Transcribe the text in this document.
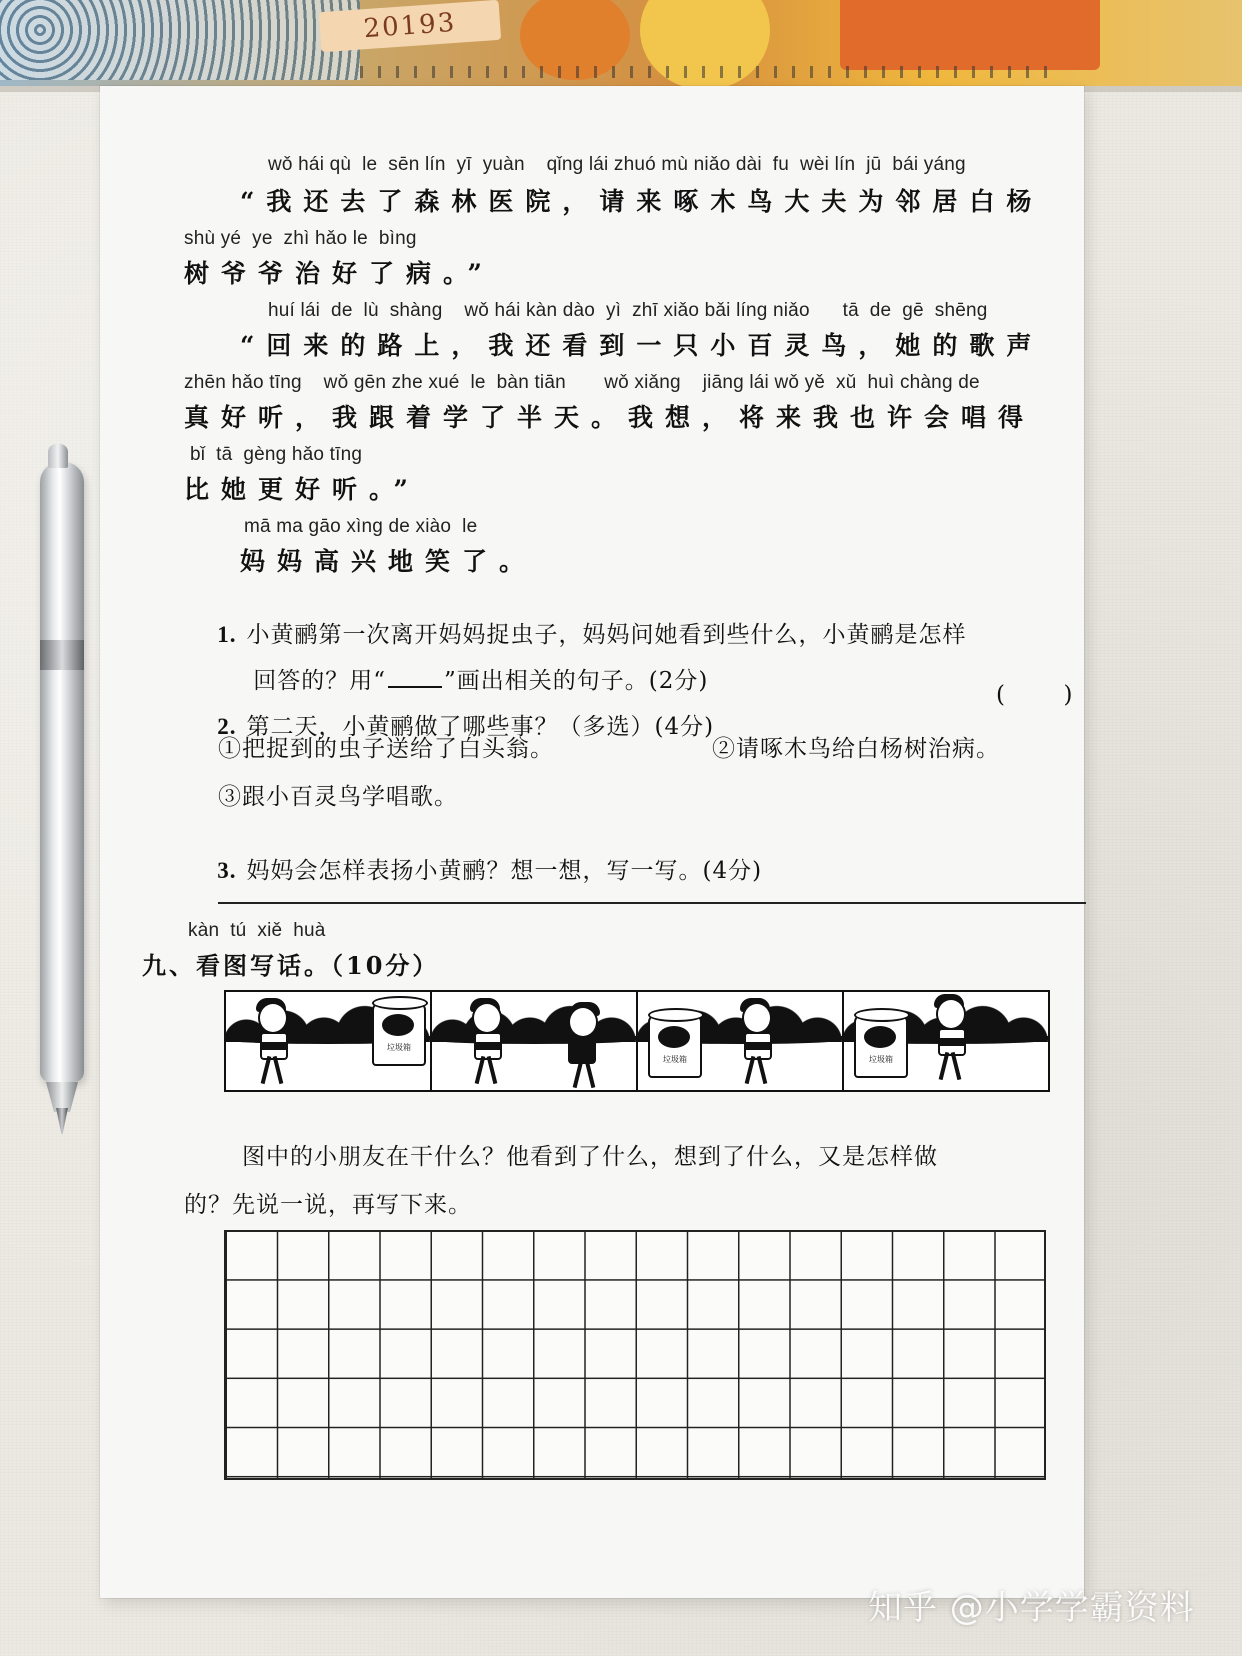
20193
wǒ hái qù  le  sēn lín  yī  yuàn    qǐng lái zhuó mù niǎo dài  fu  wèi lín  jū  bái yáng
“我还去了森林医院，请来啄木鸟大夫为邻居白杨
shù yé  ye  zhì hǎo le  bìng
树爷爷治好了病。”
huí lái  de  lù  shàng    wǒ hái kàn dào  yì  zhī xiǎo bǎi líng niǎo      tā  de  gē  shēng
“回来的路上，我还看到一只小百灵鸟，她的歌声
zhēn hǎo tīng    wǒ gēn zhe xué  le  bàn tiān       wǒ xiǎng    jiāng lái wǒ yě  xǔ  huì chàng de
真好听，我跟着学了半天。我想，将来我也许会唱得
bǐ  tā  gèng hǎo tīng
比她更好听。”
mā ma gāo xìng de xiào  le
妈妈高兴地笑了。

1. 小黄鹂第一次离开妈妈捉虫子，妈妈问她看到些什么，小黄鹂是怎样

回答的？用“	”画出相关的句子。(2分)

2. 第二天，小黄鹂做了哪些事？（多选）(4分)

(        )
①把捉到的虫子送给了白头翁。	②请啄木鸟给白杨树治病。
③跟小百灵鸟学唱歌。

3. 妈妈会怎样表扬小黄鹂？想一想，写一写。(4分)

kàn  tú  xiě  huà
九、看图写话。（10分）
垃圾箱
垃圾箱	垃圾箱
图中的小朋友在干什么？他看到了什么，想到了什么，又是怎样做
的？先说一说，再写下来。
知乎 @小学学霸资料
